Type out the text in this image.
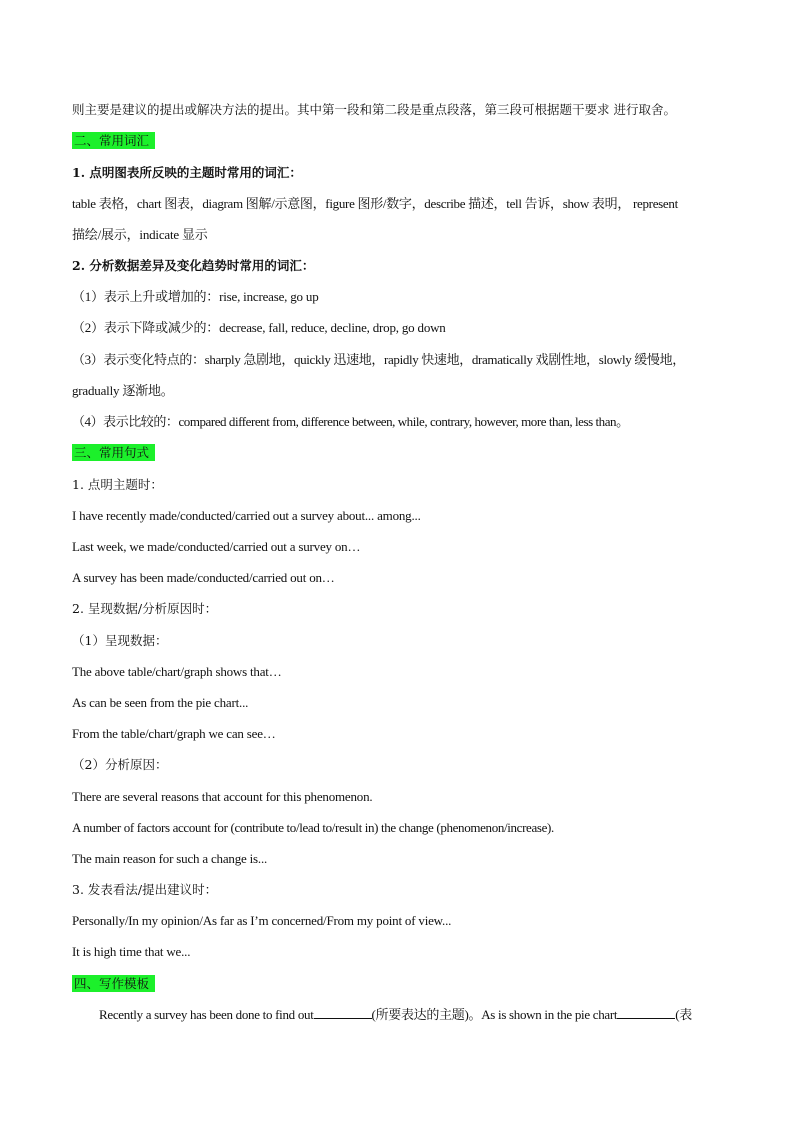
则主要是建议的提出或解决方法的提出。其中第一段和第二段是重点段落，第三段可根据题干要求 进行取舍。
二、常用词汇
1. 点明图表所反映的主题时常用的词汇：
table 表格，chart 图表，diagram 图解/示意图，figure 图形/数字，describe 描述，tell 告诉，show 表明， represent
描绘/展示，indicate 显示
2. 分析数据差异及变化趋势时常用的词汇：
（1）表示上升或增加的：rise, increase, go up
（2）表示下降或减少的：decrease, fall, reduce, decline, drop, go down
（3）表示变化特点的：sharply 急剧地，quickly 迅速地，rapidly 快速地，dramatically 戏剧性地，slowly 缓慢地，
gradually 逐渐地。
（4）表示比较的：compared different from, difference between, while, contrary, however, more than, less than。
三、常用句式
1. 点明主题时：
I have recently made/conducted/carried out a survey about... among...
Last week, we made/conducted/carried out a survey on…
A survey has been made/conducted/carried out on…
2. 呈现数据/分析原因时：
（1）呈现数据：
The above table/chart/graph shows that…
As can be seen from the pie chart...
From the table/chart/graph we can see…
（2）分析原因：
There are several reasons that account for this phenomenon.
A number of factors account for (contribute to/lead to/result in) the change (phenomenon/increase).
The main reason for such a change is...
3. 发表看法/提出建议时：
Personally/In my opinion/As far as I’m concerned/From my point of view...
It is high time that we...
四、写作模板
Recently a survey has been done to find out	(所要表达的主题)。As is shown in the pie chart	(表
